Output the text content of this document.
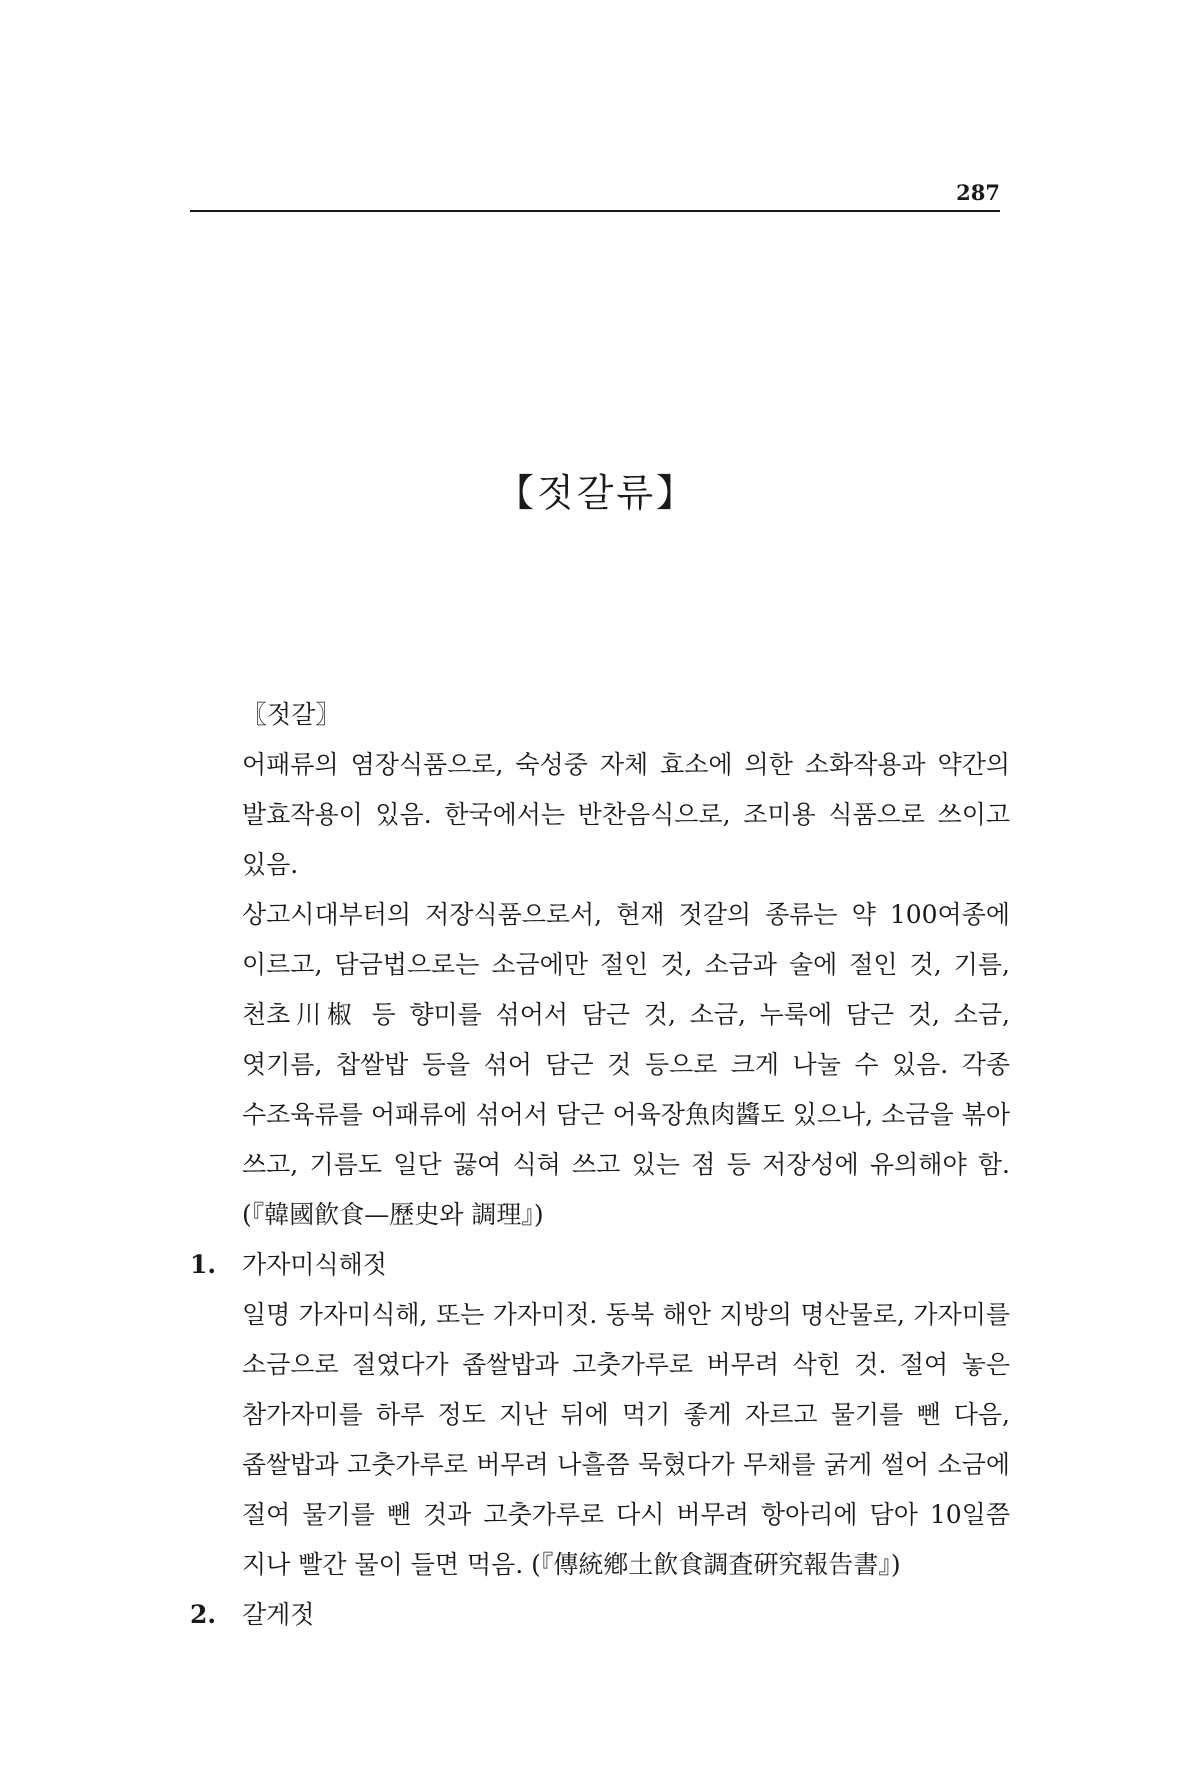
287
【젓갈류】
〖젓갈〗
어패류의 염장식품으로, 숙성중 자체 효소에 의한 소화작용과 약간의 발효작용이 있음. 한국에서는 반찬음식으로, 조미용 식품으로 쓰이고 있음.
상고시대부터의 저장식품으로서, 현재 젓갈의 종류는 약 100여종에 이르고, 담금법으로는 소금에만 절인 것, 소금과 술에 절인 것, 기름, 천초川椒 등 향미를 섞어서 담근 것, 소금, 누룩에 담근 것, 소금, 엿기름, 찹쌀밥 등을 섞어 담근 것 등으로 크게 나눌 수 있음. 각종 수조육류를 어패류에 섞어서 담근 어육장魚肉醬도 있으나, 소금을 볶아 쓰고, 기름도 일단 끓여 식혀 쓰고 있는 점 등 저장성에 유의해야 함. (『韓國飮食—歷史와 調理』)
1.	가자미식해젓
일명 가자미식해, 또는 가자미젓. 동북 해안 지방의 명산물로, 가자미를 소금으로 절였다가 좁쌀밥과 고춧가루로 버무려 삭힌 것. 절여 놓은 참가자미를 하루 정도 지난 뒤에 먹기 좋게 자르고 물기를 뺀 다음, 좁쌀밥과 고춧가루로 버무려 나흘쯤 묵혔다가 무채를 굵게 썰어 소금에 절여 물기를 뺀 것과 고춧가루로 다시 버무려 항아리에 담아 10일쯤 지나 빨간 물이 들면 먹음. (『傳統鄕土飮食調査硏究報告書』)
2.	갈게젓
